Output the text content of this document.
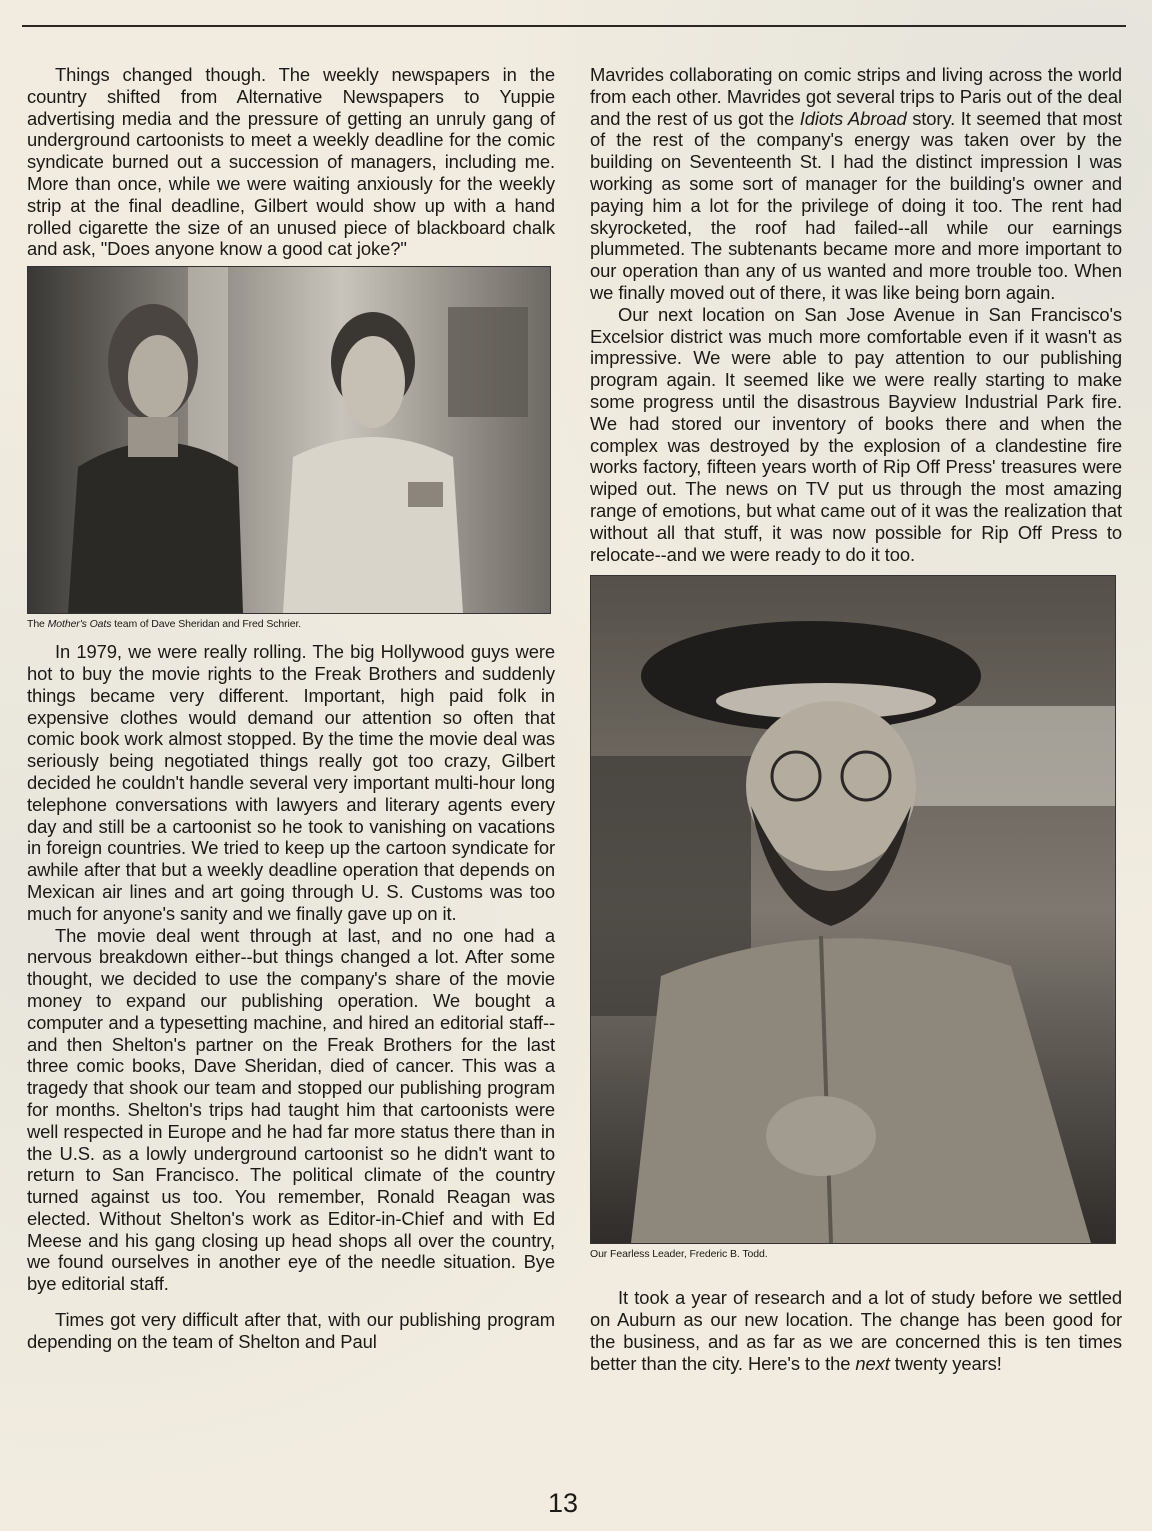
Things changed though. The weekly newspapers in the country shifted from Alternative Newspapers to Yuppie advertising media and the pressure of getting an unruly gang of underground cartoonists to meet a weekly deadline for the comic syndicate burned out a succession of managers, including me. More than once, while we were waiting anxiously for the weekly strip at the final deadline, Gilbert would show up with a hand rolled cigarette the size of an unused piece of blackboard chalk and ask, "Does anyone know a good cat joke?"

The Mother's Oats team of Dave Sheridan and Fred Schrier.

In 1979, we were really rolling. The big Hollywood guys were hot to buy the movie rights to the Freak Brothers and suddenly things became very different. Important, high paid folk in expensive clothes would demand our attention so often that comic book work almost stopped. By the time the movie deal was seriously being negotiated things really got too crazy, Gilbert decided he couldn't handle several very important multi-hour long telephone conversations with lawyers and literary agents every day and still be a cartoonist so he took to vanishing on vacations in foreign countries. We tried to keep up the cartoon syndicate for awhile after that but a weekly deadline operation that depends on Mexican air lines and art going through U. S. Customs was too much for anyone's sanity and we finally gave up on it.

The movie deal went through at last, and no one had a nervous breakdown either--but things changed a lot. After some thought, we decided to use the company's share of the movie money to expand our publishing operation. We bought a computer and a typesetting machine, and hired an editorial staff--and then Shelton's partner on the Freak Brothers for the last three comic books, Dave Sheridan, died of cancer. This was a tragedy that shook our team and stopped our publishing program for months. Shelton's trips had taught him that cartoonists were well respected in Europe and he had far more status there than in the U.S. as a lowly underground cartoonist so he didn't want to return to San Francisco. The political climate of the country turned against us too. You remember, Ronald Reagan was elected. Without Shelton's work as Editor-in-Chief and with Ed Meese and his gang closing up head shops all over the country, we found ourselves in another eye of the needle situation. Bye bye editorial staff.

Times got very difficult after that, with our publishing program depending on the team of Shelton and Paul

Mavrides collaborating on comic strips and living across the world from each other. Mavrides got several trips to Paris out of the deal and the rest of us got the Idiots Abroad story. It seemed that most of the rest of the company's energy was taken over by the building on Seventeenth St. I had the distinct impression I was working as some sort of manager for the building's owner and paying him a lot for the privilege of doing it too. The rent had skyrocketed, the roof had failed--all while our earnings plummeted. The subtenants became more and more important to our operation than any of us wanted and more trouble too. When we finally moved out of there, it was like being born again.

Our next location on San Jose Avenue in San Francisco's Excelsior district was much more comfortable even if it wasn't as impressive. We were able to pay attention to our publishing program again. It seemed like we were really starting to make some progress until the disastrous Bayview Industrial Park fire. We had stored our inventory of books there and when the complex was destroyed by the explosion of a clandestine fire works factory, fifteen years worth of Rip Off Press' treasures were wiped out. The news on TV put us through the most amazing range of emotions, but what came out of it was the realization that without all that stuff, it was now possible for Rip Off Press to relocate--and we were ready to do it too.

Our Fearless Leader, Frederic B. Todd.

It took a year of research and a lot of study before we settled on Auburn as our new location. The change has been good for the business, and as far as we are concerned this is ten times better than the city. Here's to the next twenty years!

13
